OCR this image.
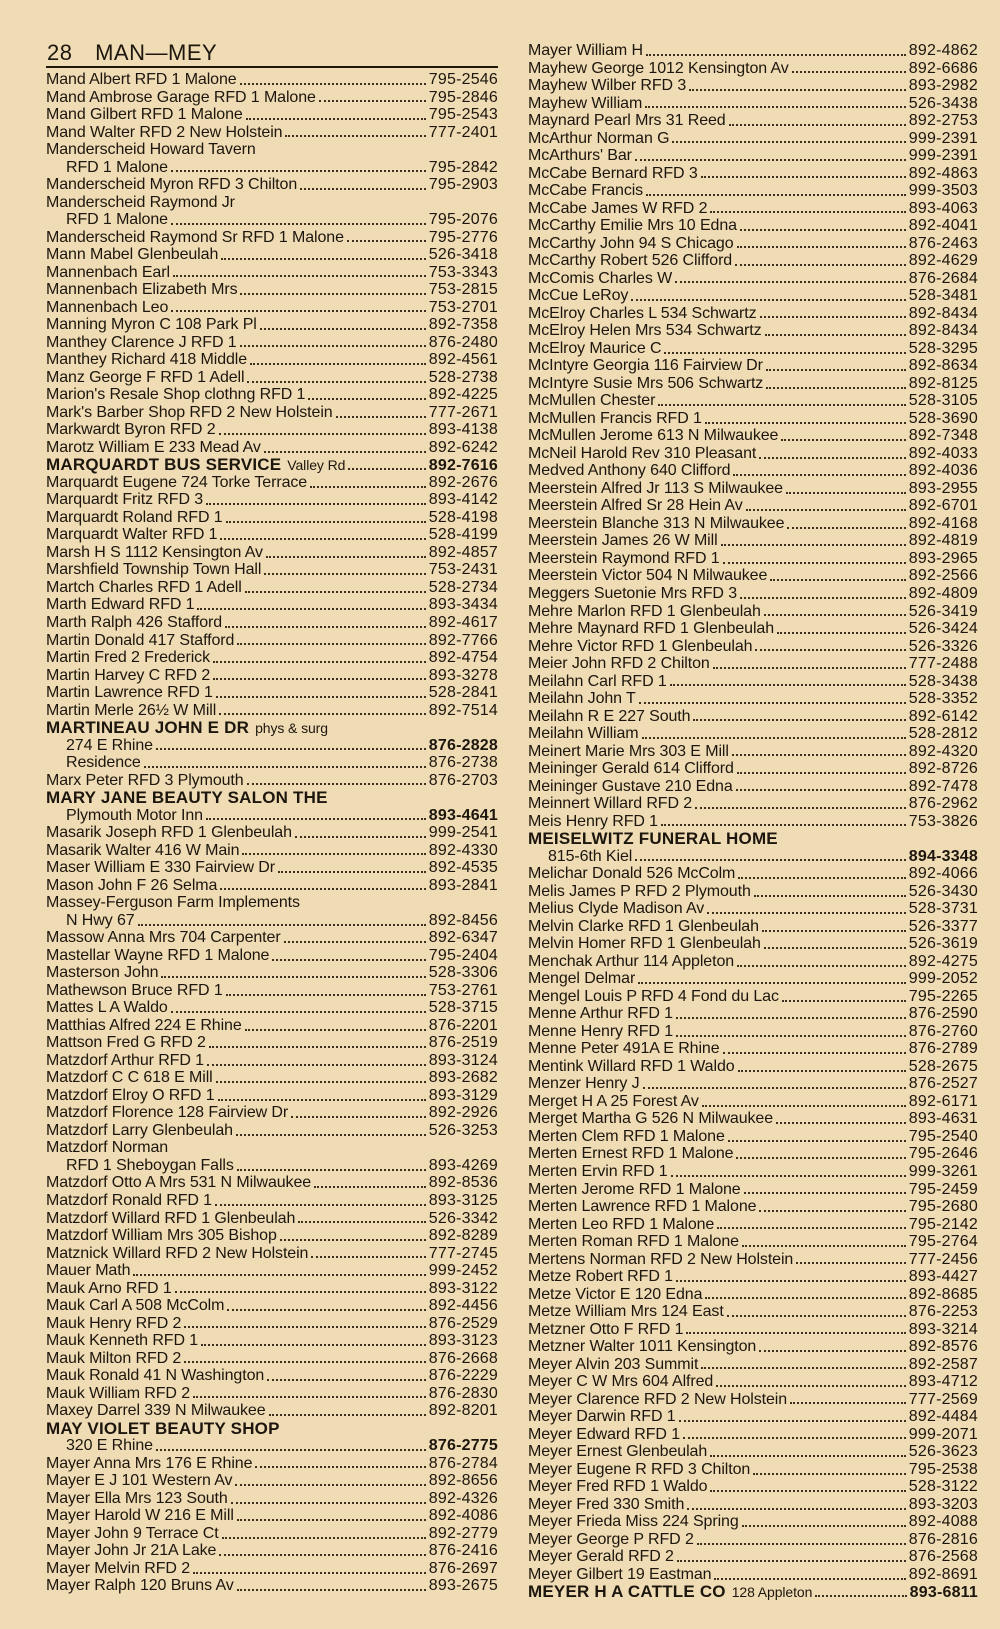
28 MAN—MEY
Mand Albert RFD 1 Malone	795-2546
Mand Ambrose Garage RFD 1 Malone	795-2846
Mand Gilbert RFD 1 Malone	795-2543
Mand Walter RFD 2 New Holstein	777-2401
Manderscheid Howard Tavern
RFD 1 Malone	795-2842
Manderscheid Myron RFD 3 Chilton	795-2903
Manderscheid Raymond Jr
RFD 1 Malone	795-2076
Manderscheid Raymond Sr RFD 1 Malone	795-2776
Mann Mabel Glenbeulah	526-3418
Mannenbach Earl	753-3343
Mannenbach Elizabeth Mrs	753-2815
Mannenbach Leo	753-2701
Manning Myron C 108 Park Pl	892-7358
Manthey Clarence J RFD 1	876-2480
Manthey Richard 418 Middle	892-4561
Manz George F RFD 1 Adell	528-2738
Marion's Resale Shop clothng RFD 1	892-4225
Mark's Barber Shop RFD 2 New Holstein	777-2671
Markwardt Byron RFD 2	893-4138
Marotz William E 233 Mead Av	892-6242
MARQUARDT BUS SERVICE Valley Rd	892-7616
Marquardt Eugene 724 Torke Terrace	892-2676
Marquardt Fritz RFD 3	893-4142
Marquardt Roland RFD 1	528-4198
Marquardt Walter RFD 1	528-4199
Marsh H S 1112 Kensington Av	892-4857
Marshfield Township Town Hall	753-2431
Martch Charles RFD 1 Adell	528-2734
Marth Edward RFD 1	893-3434
Marth Ralph 426 Stafford	892-4617
Martin Donald 417 Stafford	892-7766
Martin Fred 2 Frederick	892-4754
Martin Harvey C RFD 2	893-3278
Martin Lawrence RFD 1	528-2841
Martin Merle 26½ W Mill	892-7514
MARTINEAU JOHN E DR phys & surg
274 E Rhine	876-2828
Residence	876-2738
Marx Peter RFD 3 Plymouth	876-2703
MARY JANE BEAUTY SALON THE
Plymouth Motor Inn	893-4641
Masarik Joseph RFD 1 Glenbeulah	999-2541
Masarik Walter 416 W Main	892-4330
Maser William E 330 Fairview Dr	892-4535
Mason John F 26 Selma	893-2841
Massey-Ferguson Farm Implements
N Hwy 67	892-8456
Massow Anna Mrs 704 Carpenter	892-6347
Mastellar Wayne RFD 1 Malone	795-2404
Masterson John	528-3306
Mathewson Bruce RFD 1	753-2761
Mattes L A Waldo	528-3715
Matthias Alfred 224 E Rhine	876-2201
Mattson Fred G RFD 2	876-2519
Matzdorf Arthur RFD 1	893-3124
Matzdorf C C 618 E Mill	893-2682
Matzdorf Elroy O RFD 1	893-3129
Matzdorf Florence 128 Fairview Dr	892-2926
Matzdorf Larry Glenbeulah	526-3253
Matzdorf Norman
RFD 1 Sheboygan Falls	893-4269
Matzdorf Otto A Mrs 531 N Milwaukee	892-8536
Matzdorf Ronald RFD 1	893-3125
Matzdorf Willard RFD 1 Glenbeulah	526-3342
Matzdorf William Mrs 305 Bishop	892-8289
Matznick Willard RFD 2 New Holstein	777-2745
Mauer Math	999-2452
Mauk Arno RFD 1	893-3122
Mauk Carl A 508 McColm	892-4456
Mauk Henry RFD 2	876-2529
Mauk Kenneth RFD 1	893-3123
Mauk Milton RFD 2	876-2668
Mauk Ronald 41 N Washington	876-2229
Mauk William RFD 2	876-2830
Maxey Darrel 339 N Milwaukee	892-8201
MAY VIOLET BEAUTY SHOP
320 E Rhine	876-2775
Mayer Anna Mrs 176 E Rhine	876-2784
Mayer E J 101 Western Av	892-8656
Mayer Ella Mrs 123 South	892-4326
Mayer Harold W 216 E Mill	892-4086
Mayer John 9 Terrace Ct	892-2779
Mayer John Jr 21A Lake	876-2416
Mayer Melvin RFD 2	876-2697
Mayer Ralph 120 Bruns Av	893-2675
Mayer William H	892-4862
Mayhew George 1012 Kensington Av	892-6686
Mayhew Wilber RFD 3	893-2982
Mayhew William	526-3438
Maynard Pearl Mrs 31 Reed	892-2753
McArthur Norman G	999-2391
McArthurs' Bar	999-2391
McCabe Bernard RFD 3	892-4863
McCabe Francis	999-3503
McCabe James W RFD 2	893-4063
McCarthy Emilie Mrs 10 Edna	892-4041
McCarthy John 94 S Chicago	876-2463
McCarthy Robert 526 Clifford	892-4629
McComis Charles W	876-2684
McCue LeRoy	528-3481
McElroy Charles L 534 Schwartz	892-8434
McElroy Helen Mrs 534 Schwartz	892-8434
McElroy Maurice C	528-3295
McIntyre Georgia 116 Fairview Dr	892-8634
McIntyre Susie Mrs 506 Schwartz	892-8125
McMullen Chester	528-3105
McMullen Francis RFD 1	528-3690
McMullen Jerome 613 N Milwaukee	892-7348
McNeil Harold Rev 310 Pleasant	892-4033
Medved Anthony 640 Clifford	892-4036
Meerstein Alfred Jr 113 S Milwaukee	893-2955
Meerstein Alfred Sr 28 Hein Av	892-6701
Meerstein Blanche 313 N Milwaukee	892-4168
Meerstein James 26 W Mill	892-4819
Meerstein Raymond RFD 1	893-2965
Meerstein Victor 504 N Milwaukee	892-2566
Meggers Suetonie Mrs RFD 3	892-4809
Mehre Marlon RFD 1 Glenbeulah	526-3419
Mehre Maynard RFD 1 Glenbeulah	526-3424
Mehre Victor RFD 1 Glenbeulah	526-3326
Meier John RFD 2 Chilton	777-2488
Meilahn Carl RFD 1	528-3438
Meilahn John T	528-3352
Meilahn R E 227 South	892-6142
Meilahn William	528-2812
Meinert Marie Mrs 303 E Mill	892-4320
Meininger Gerald 614 Clifford	892-8726
Meininger Gustave 210 Edna	892-7478
Meinnert Willard RFD 2	876-2962
Meis Henry RFD 1	753-3826
MEISELWITZ FUNERAL HOME
815-6th Kiel	894-3348
Melichar Donald 526 McColm	892-4066
Melis James P RFD 2 Plymouth	526-3430
Melius Clyde Madison Av	528-3731
Melvin Clarke RFD 1 Glenbeulah	526-3377
Melvin Homer RFD 1 Glenbeulah	526-3619
Menchak Arthur 114 Appleton	892-4275
Mengel Delmar	999-2052
Mengel Louis P RFD 4 Fond du Lac	795-2265
Menne Arthur RFD 1	876-2590
Menne Henry RFD 1	876-2760
Menne Peter 491A E Rhine	876-2789
Mentink Willard RFD 1 Waldo	528-2675
Menzer Henry J	876-2527
Merget H A 25 Forest Av	892-6171
Merget Martha G 526 N Milwaukee	893-4631
Merten Clem RFD 1 Malone	795-2540
Merten Ernest RFD 1 Malone	795-2646
Merten Ervin RFD 1	999-3261
Merten Jerome RFD 1 Malone	795-2459
Merten Lawrence RFD 1 Malone	795-2680
Merten Leo RFD 1 Malone	795-2142
Merten Roman RFD 1 Malone	795-2764
Mertens Norman RFD 2 New Holstein	777-2456
Metze Robert RFD 1	893-4427
Metze Victor E 120 Edna	892-8685
Metze William Mrs 124 East	876-2253
Metzner Otto F RFD 1	893-3214
Metzner Walter 1011 Kensington	892-8576
Meyer Alvin 203 Summit	892-2587
Meyer C W Mrs 604 Alfred	893-4712
Meyer Clarence RFD 2 New Holstein	777-2569
Meyer Darwin RFD 1	892-4484
Meyer Edward RFD 1	999-2071
Meyer Ernest Glenbeulah	526-3623
Meyer Eugene R RFD 3 Chilton	795-2538
Meyer Fred RFD 1 Waldo	528-3122
Meyer Fred 330 Smith	893-3203
Meyer Frieda Miss 224 Spring	892-4088
Meyer George P RFD 2	876-2816
Meyer Gerald RFD 2	876-2568
Meyer Gilbert 19 Eastman	892-8691
MEYER H A CATTLE CO 128 Appleton	893-6811
